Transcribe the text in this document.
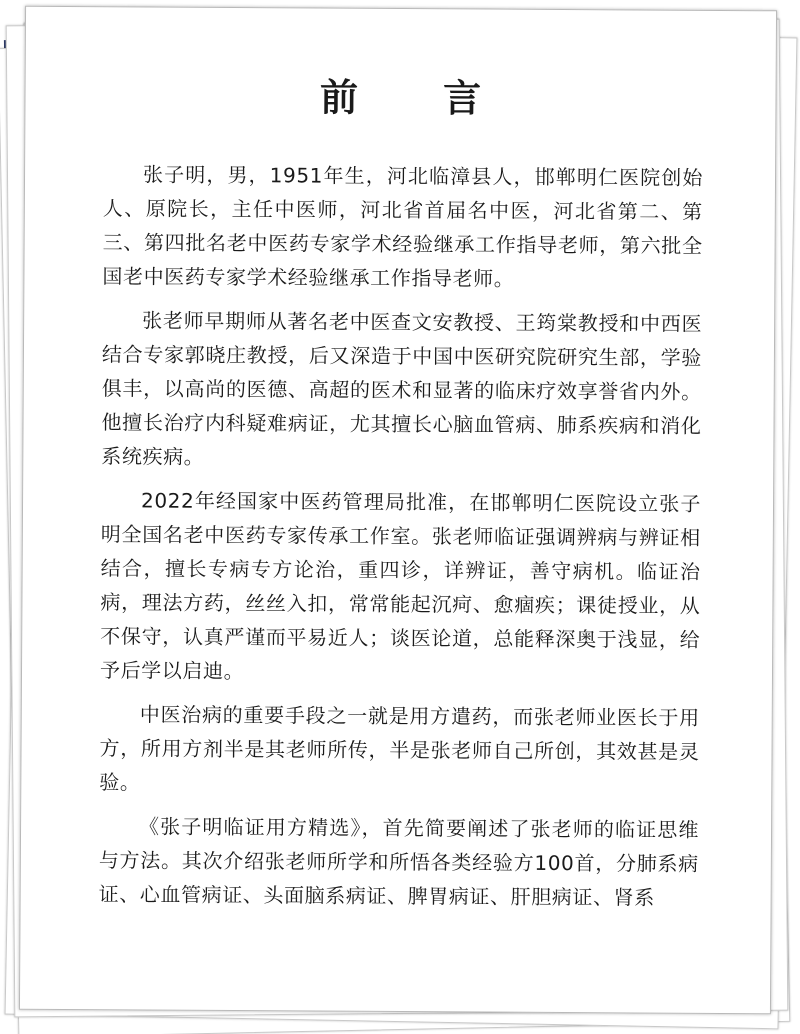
前 言

张子明，男，1951年生，河北临漳县人，邯郸明仁医院创始人、原院长，主任中医师，河北省首届名中医，河北省第二、第三、第四批名老中医药专家学术经验继承工作指导老师，第六批全国老中医药专家学术经验继承工作指导老师。

张老师早期师从著名老中医查文安教授、王筠棠教授和中西医结合专家郭晓庄教授，后又深造于中国中医研究院研究生部，学验俱丰，以高尚的医德、高超的医术和显著的临床疗效享誉省内外。他擅长治疗内科疑难病证，尤其擅长心脑血管病、肺系疾病和消化系统疾病。

2022年经国家中医药管理局批准，在邯郸明仁医院设立张子明全国名老中医药专家传承工作室。张老师临证强调辨病与辨证相结合，擅长专病专方论治，重四诊，详辨证，善守病机。临证治病，理法方药，丝丝入扣，常常能起沉疴、愈痼疾；课徒授业，从不保守，认真严谨而平易近人；谈医论道，总能释深奥于浅显，给予后学以启迪。

中医治病的重要手段之一就是用方遣药，而张老师业医长于用方，所用方剂半是其老师所传，半是张老师自己所创，其效甚是灵验。

《张子明临证用方精选》，首先简要阐述了张老师的临证思维与方法。其次介绍张老师所学和所悟各类经验方100首，分肺系病证、心血管病证、头面脑系病证、脾胃病证、肝胆病证、肾系
